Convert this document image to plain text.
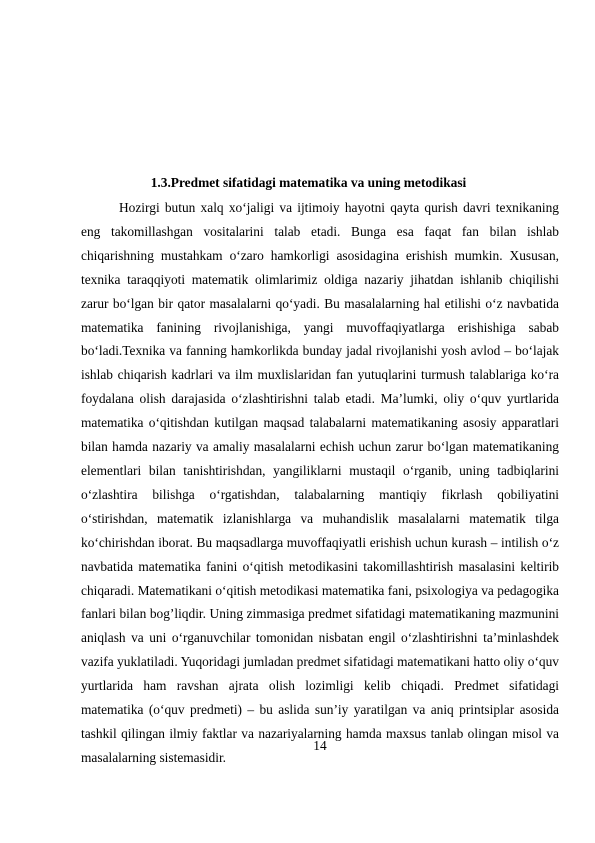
1.3.Predmet sifatidagi matematika va uning metodikasi

Hozirgi butun xalq xo‘jaligi va ijtimoiy hayotni qayta qurish davri texnikaning eng takomillashgan vositalarini talab etadi. Bunga esa faqat fan bilan ishlab chiqarishning mustahkam o‘zaro hamkorligi asosidagina erishish mumkin. Xususan, texnika taraqqiyoti matematik olimlarimiz oldiga nazariy jihatdan ishlanib chiqilishi zarur bo‘lgan bir qator masalalarni qo‘yadi. Bu masalalarning hal etilishi o‘z navbatida matematika fanining rivojlanishiga, yangi muvoffaqiyatlarga erishishiga sabab bo‘ladi.Texnika va fanning hamkorlikda bunday jadal rivojlanishi yosh avlod – bo‘lajak ishlab chiqarish kadrlari va ilm muxlislaridan fan yutuqlarini turmush talablariga ko‘ra foydalana olish darajasida o‘zlashtirishni talab etadi. Ma’lumki, oliy o‘quv yurtlarida matematika o‘qitishdan kutilgan maqsad talabalarni matematikaning asosiy apparatlari bilan hamda nazariy va amaliy masalalarni echish uchun zarur bo‘lgan matematikaning elementlari bilan tanishtirishdan, yangiliklarni mustaqil o‘rganib, uning tadbiqlarini o‘zlashtira bilishga o‘rgatishdan, talabalarning mantiqiy fikrlash qobiliyatini o‘stirishdan, matematik izlanishlarga va muhandislik masalalarni matematik tilga ko‘chirishdan iborat. Bu maqsadlarga muvoffaqiyatli erishish uchun kurash – intilish o‘z navbatida matematika fanini o‘qitish metodikasini takomillashtirish masalasini keltirib chiqaradi. Matematikani o‘qitish metodikasi matematika fani, psixologiya va pedagogika fanlari bilan bog’liqdir. Uning zimmasiga predmet sifatidagi matematikaning mazmunini aniqlash va uni o‘rganuvchilar tomonidan nisbatan engil o‘zlashtirishni ta’minlashdek vazifa yuklatiladi. Yuqoridagi jumladan predmet sifatidagi matematikani hatto oliy o‘quv yurtlarida ham ravshan ajrata olish lozimligi kelib chiqadi. Predmet sifatidagi matematika (o‘quv predmeti) – bu aslida sun’iy yaratilgan va aniq printsiplar asosida tashkil qilingan ilmiy faktlar va nazariyalarning hamda maxsus tanlab olingan misol va masalalarning sistemasidir.

14
